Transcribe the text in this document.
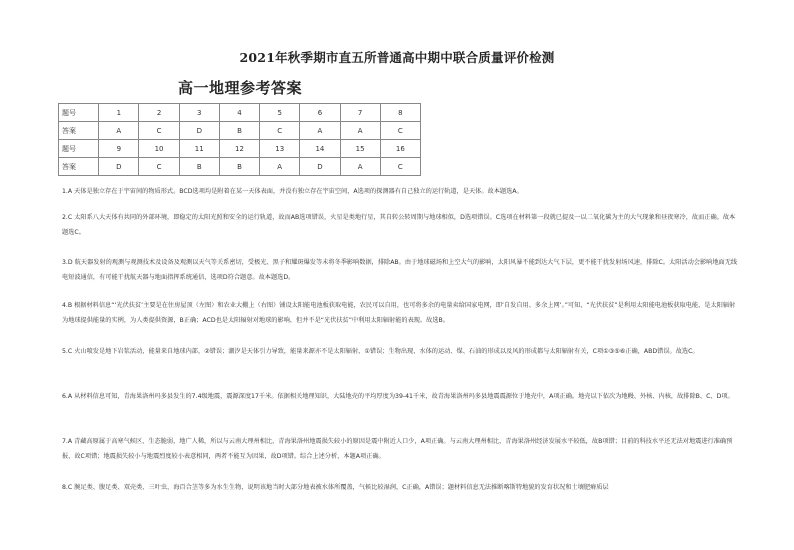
2021年秋季期市直五所普通高中期中联合质量评价检测
高一地理参考答案
题号	1	2	3	4	5	6	7	8
答案	A	C	D	B	C	A	A	C
题号	9	10	11	12	13	14	15	16
答案	D	C	B	B	A	D	A	C

1.A 天体是独立存在于宇宙间的物质形式。BCD选项均是附着在某一天体表面，并没有独立存在宇宙空间，A选项的探测器有自己独立的运行轨道，是天体。故本题选A。

2.C 太阳系八大天体有共同的外部环境，即稳定的太阳光照和安全的运行轨道，故而AB选项错误，火星是类地行星，其自转公转周期与地球相似，D选项错误。C选项在材料第一段就已提及一以二氧化碳为主的大气现象和昼夜寒冷，故而正确。故本题选C。

3.D 航天器发射的观测与观测技术及设备及观测以天气等关系密切，受极光、黑子和耀斑爆发等未将冬季影响数据，排除AB。由于地球磁场和上空大气的影响，太阳风暴不能到达大气下层，更不能干扰发射场风速，排除C。太阳活动会影响地面无线电短波通信，有可能干扰航天器与地面指挥系统通信，选项D符合题意。故本题选D。

4.B 根据材料信息“‘光伏扶贫’主要是在住房屋顶（左图）和农业大棚上（右图）铺设太阳能电池板获取电能，农民可以自用，也可将多余的电量卖给国家电网，即‘自发自用、多余上网’。”可知，“光伏扶贫”是利用太阳能电池板获取电能，是太阳辐射为地球提供能量的实例，为人类提供资源，B正确；ACD也是太阳辐射对地球的影响，但并不是“光伏扶贫”中利用太阳辐射能的表现。故选B。

5.C 火山喷发是地下岩浆活动，能量来自地球内部，②错误；潮汐是天体引力导致，能量来源亦不是太阳辐射，①错误；生物出现、水体的运动、煤、石油的形成以及风的形成都与太阳辐射有关，C项①③⑤⑥正确，ABD错误。故选C。

6.A 从材料信息可知，青海果洛州玛多县发生的7.4级地震，震源深度17千米。依据相关地理知识，大陆地壳的平均厚度为39-41千米，故青海果洛州玛多县地震震源位于地壳中，A项正确。地壳以下依次为地幔、外核、内核，故排除B、C、D项。

7.A 青藏高原属于高寒气候区，生态脆弱，地广人稀，所以与云南大理州相比，青海果洛州地震损失较小的原因是震中附近人口少，A项正确。与云南大理州相比，青海果洛州经济发展水平较低，故B项错；目前的科技水平还无法对地震进行准确预报，故C项错；地震损失较小与地震烈度较小表意相同，两者不能互为因果，故D项错。综合上述分析，本题A项正确。

8.C 腕足类、腹足类、双壳类、三叶虫、海百合茎等多为水生生物，说明该地当时大部分地表被水体所覆盖，气候比较湿润，C正确，A错误；题材料信息无法推断喀斯特地貌的发育状况和土壤肥瘠质层
